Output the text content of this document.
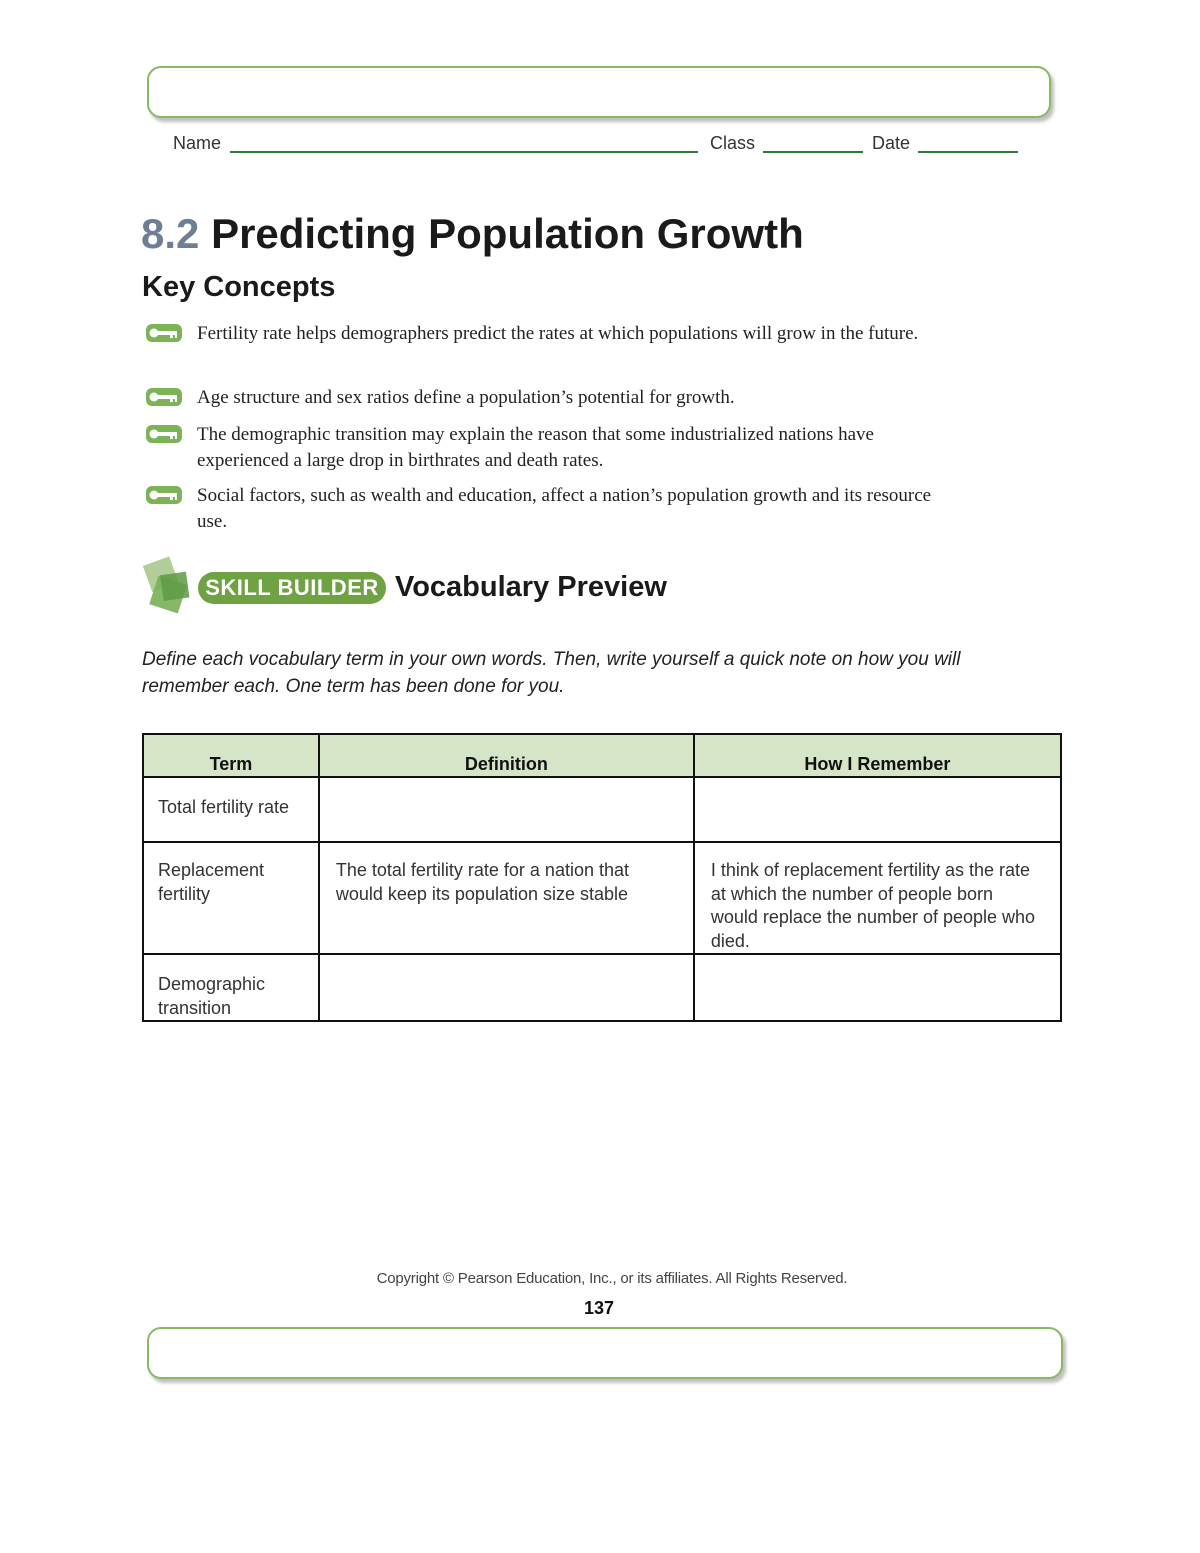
Name	Class	Date
8.2 Predicting Population Growth
Key Concepts
Fertility rate helps demographers predict the rates at which populations will grow in the future.
Age structure and sex ratios define a population’s potential for growth.
The demographic transition may explain the reason that some industrialized nations have experienced a large drop in birthrates and death rates.
Social factors, such as wealth and education, affect a nation’s population growth and its resource use.
SKILL BUILDER Vocabulary Preview
Define each vocabulary term in your own words. Then, write yourself a quick note on how you will remember each. One term has been done for you.
Term	Definition	How I Remember
Total fertility rate		
Replacement fertility	The total fertility rate for a nation that would keep its population size stable	I think of replacement fertility as the rate at which the number of people born would replace the number of people who died.
Demographic transition		
Copyright © Pearson Education, Inc., or its affiliates. All Rights Reserved.
137
